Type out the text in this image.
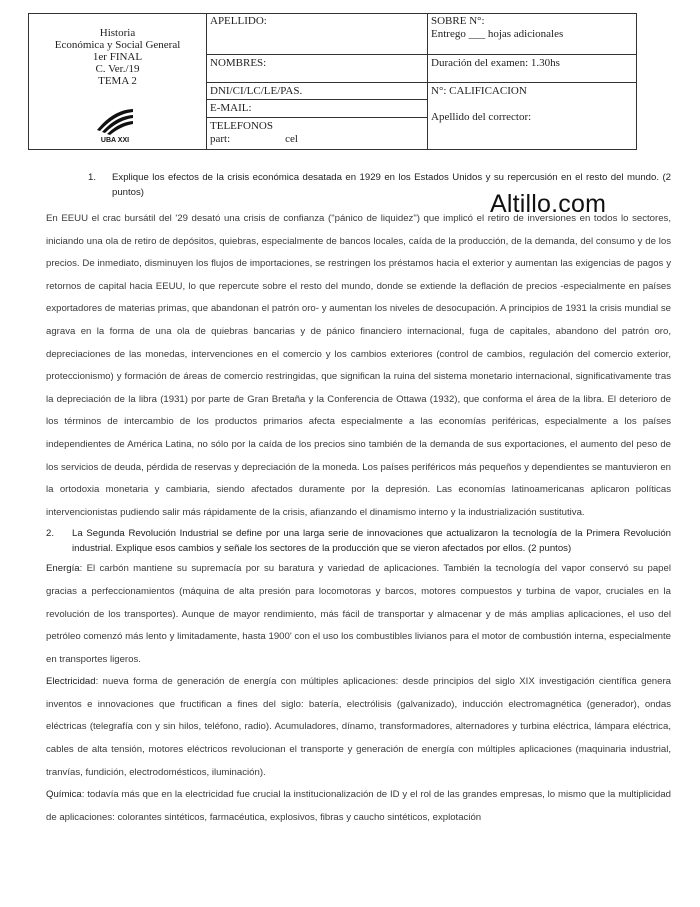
Historia
Económica y Social General
1er FINAL
C. Ver./19
TEMA 2
UBA XXI
APELLIDO:
NOMBRES:
DNI/CI/LC/LE/PAS.
E-MAIL:
TELEFONOS
part:                    cel
SOBRE N°:
Entrego ___ hojas adicionales
Duración del examen: 1.30hs
N°: CALIFICACION
Apellido del corrector:
Altillo.com
1.	Explique los efectos de la crisis económica desatada en 1929 en los Estados Unidos y su repercusión en el resto del mundo. (2 puntos)

En EEUU el crac bursátil del '29 desató una crisis de confianza ("pánico de liquidez") que implicó el retiro de inversiones en todos lo sectores, iniciando una ola de retiro de depósitos, quiebras, especialmente de bancos locales, caída de la producción, de la demanda, del consumo y de los precios. De inmediato, disminuyen los flujos de importaciones, se restringen los préstamos hacia el exterior y aumentan las exigencias de pagos y retornos de capital hacia EEUU, lo que repercute sobre el resto del mundo, donde se extiende la deflación de precios -especialmente en países exportadores de materias primas, que abandonan el patrón oro- y aumentan los niveles de desocupación. A principios de 1931 la crisis mundial se agrava en la forma de una ola de quiebras bancarias y de pánico financiero internacional, fuga de capitales, abandono del patrón oro, depreciaciones de las monedas, intervenciones en el comercio y los cambios exteriores (control de cambios, regulación del comercio exterior, proteccionismo) y formación de áreas de comercio restringidas, que significan la ruina del sistema monetario internacional, significativamente tras la depreciación de la libra (1931) por parte de Gran Bretaña y la Conferencia de Ottawa (1932), que conforma el área de la libra. El deterioro de los términos de intercambio de los productos primarios afecta especialmente a las economías periféricas, especialmente a los países independientes de América Latina, no sólo por la caída de los precios sino también de la demanda de sus exportaciones, el aumento del peso de los servicios de deuda, pérdida de reservas y depreciación de la moneda. Los países periféricos más pequeños y dependientes se mantuvieron en la ortodoxia monetaria y cambiaria, siendo afectados duramente por la depresión. Las economías latinoamericanas aplicaron políticas intervencionistas pudiendo salir más rápidamente de la crisis, afianzando el dinamismo interno y la industrialización sustitutiva.

2. La Segunda Revolución Industrial se define por una larga serie de innovaciones que actualizaron la tecnología de la Primera Revolución industrial. Explique esos cambios y señale los sectores de la producción que se vieron afectados por ellos. (2 puntos)

Energía: El carbón mantiene su supremacía por su baratura y variedad de aplicaciones. También la tecnología del vapor conservó su papel gracias a perfeccionamientos (máquina de alta presión para locomotoras y barcos, motores compuestos y turbina de vapor, cruciales en la revolución de los transportes). Aunque de mayor rendimiento, más fácil de transportar y almacenar y de más amplias aplicaciones, el uso del petróleo comenzó más lento y limitadamente, hasta 1900' con el uso los combustibles livianos para el motor de combustión interna, especialmente en transportes ligeros.

Electricidad: nueva forma de generación de energía con múltiples aplicaciones: desde principios del siglo XIX investigación científica genera inventos e innovaciones que fructifican a fines del siglo: batería, electrólisis (galvanizado), inducción electromagnética (generador), ondas eléctricas (telegrafía con y sin hilos, teléfono, radio). Acumuladores, dínamo, transformadores, alternadores y turbina eléctrica, lámpara eléctrica, cables de alta tensión, motores eléctricos revolucionan el transporte y generación de energía con múltiples aplicaciones (maquinaria industrial, tranvías, fundición, electrodomésticos, iluminación).

Química: todavía más que en la electricidad fue crucial la institucionalización de ID y el rol de las grandes empresas, lo mismo que la multiplicidad de aplicaciones: colorantes sintéticos, farmacéutica, explosivos, fibras y caucho sintéticos, explotación
